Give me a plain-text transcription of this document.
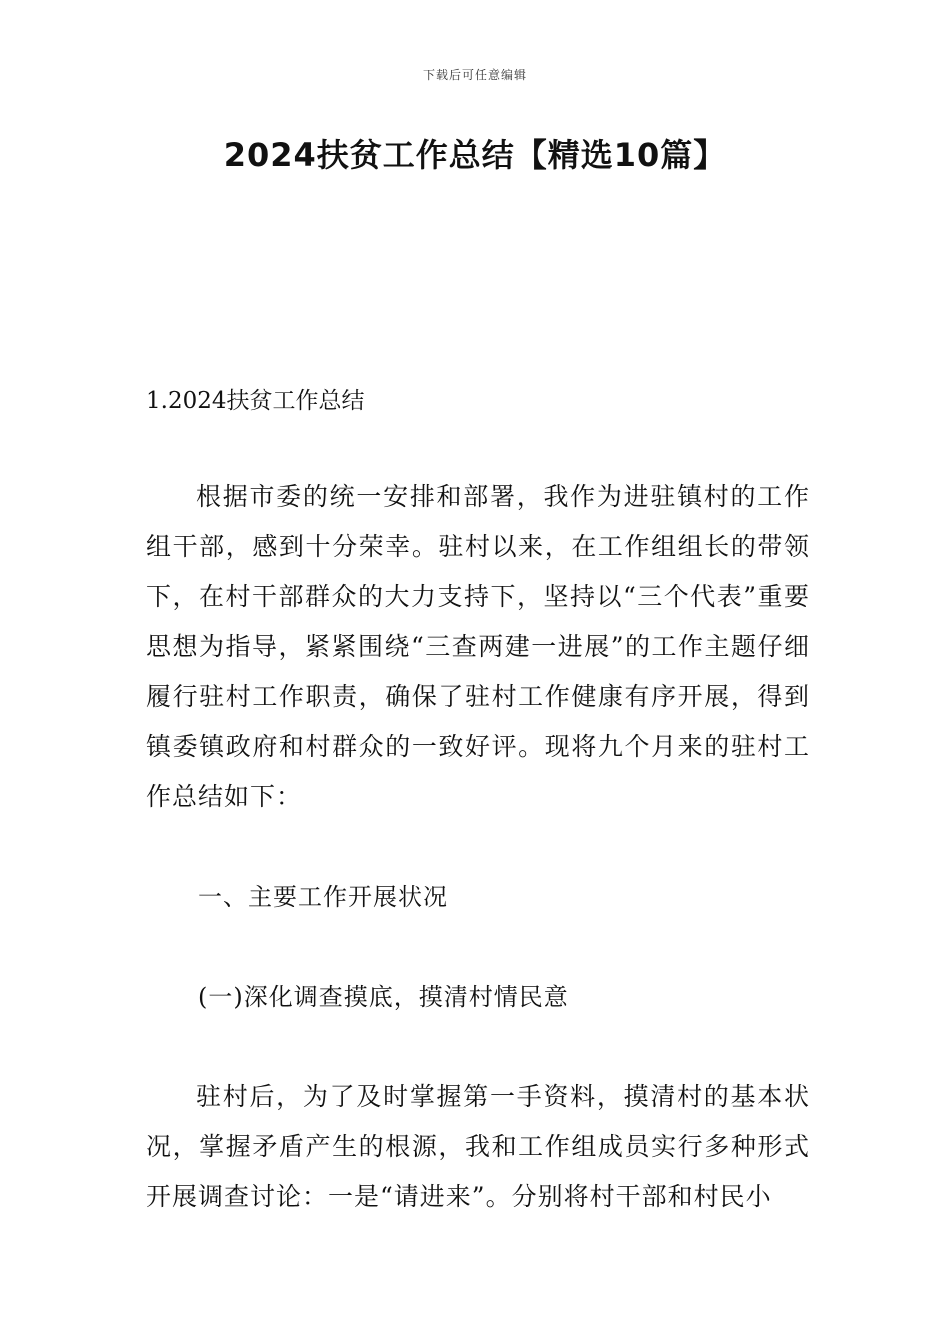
下载后可任意编辑
2024扶贫工作总结【精选10篇】
1.2024扶贫工作总结

根据市委的统一安排和部署，我作为进驻镇村的工作组干部，感到十分荣幸。驻村以来，在工作组组长的带领下，在村干部群众的大力支持下，坚持以“三个代表”重要思想为指导，紧紧围绕“三查两建一进展”的工作主题仔细履行驻村工作职责，确保了驻村工作健康有序开展，得到镇委镇政府和村群众的一致好评。现将九个月来的驻村工作总结如下：

一、主要工作开展状况
(一)深化调查摸底，摸清村情民意

驻村后，为了及时掌握第一手资料，摸清村的基本状况，掌握矛盾产生的根源，我和工作组成员实行多种形式开展调查讨论：一是“请进来”。分别将村干部和村民小
